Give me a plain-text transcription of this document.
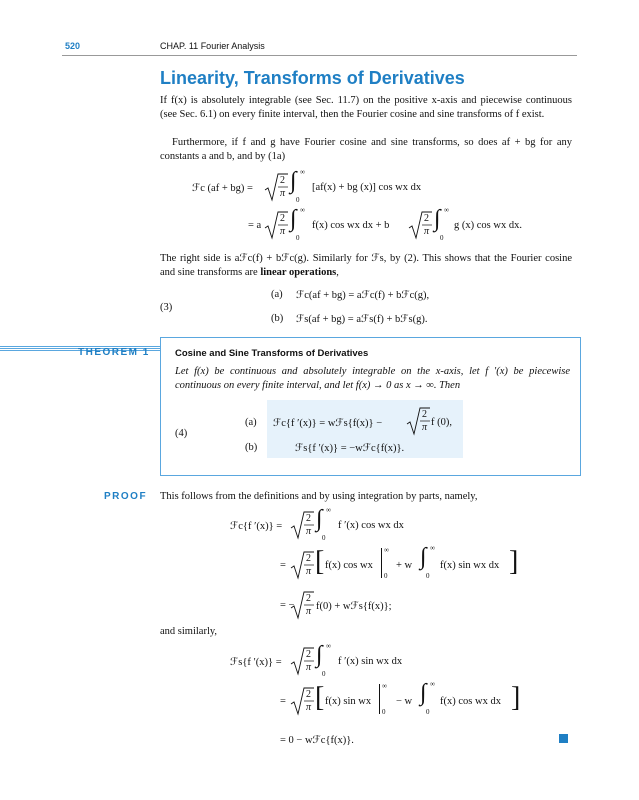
520	CHAP. 11 Fourier Analysis
Linearity, Transforms of Derivatives
If f(x) is absolutely integrable (see Sec. 11.7) on the positive x-axis and piecewise continuous (see Sec. 6.1) on every finite interval, then the Fourier cosine and sine transforms of f exist.
Furthermore, if f and g have Fourier cosine and sine transforms, so does af + bg for any constants a and b, and by (1a)
ℱc (af + bg) =
2
π ∫ ∞
0
[af(x) + bg (x)] cos wx dx
= a
2
π ∫ ∞
0
f(x) cos wx dx + b
2
π ∫ ∞
0
g (x) cos wx dx.
The right side is aℱc(f) + bℱc(g). Similarly for ℱs, by (2). This shows that the Fourier cosine and sine transforms are linear operations,
(3)
(a) ℱc(af + bg) = aℱc(f) + bℱc(g),
(b) ℱs(af + bg) = aℱs(f) + bℱs(g).
THEOREM 1	Cosine and Sine Transforms of Derivatives
Let f(x) be continuous and absolutely integrable on the x-axis, let f ′(x) be piecewise continuous on every finite interval, and let f(x) → 0 as x → ∞. Then
(4)
(a) ℱc{f ′(x)} = wℱs{f(x)} −
2
π f (0),
(b)	ℱs{f ′(x)} = −wℱc{f(x)}.
PROOF This follows from the definitions and by using integration by parts, namely,
ℱc{f ′(x)} =
2
π ∫ ∞
0
f ′(x) cos wx dx
=
2
π [ f(x) cos wx
∞
0
+ w ∫ ∞
0
f(x) sin wx dx ]
= −
2
π f(0) + wℱs{f(x)};
and similarly,
ℱs{f ′(x)} =
2
π ∫ ∞
0
f ′(x) sin wx dx
=
2
π [ f(x) sin wx
∞
0
− w ∫ ∞
0
f(x) cos wx dx ]
= 0 − wℱc{f(x)}.
